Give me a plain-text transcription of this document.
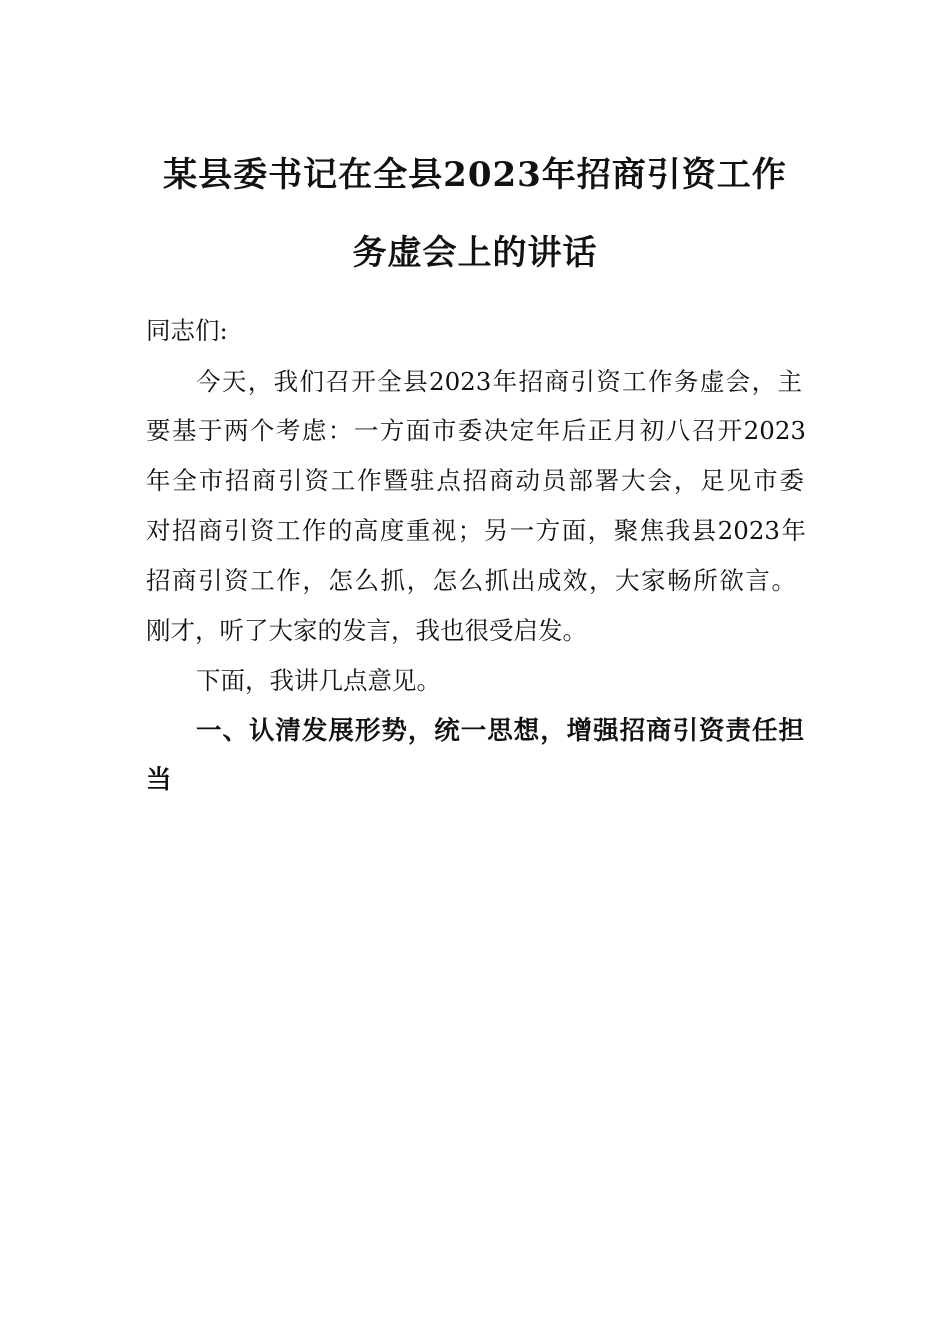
某县委书记在全县2023年招商引资工作
务虚会上的讲话
同志们:
今天，我们召开全县2023年招商引资工作务虚会，主
要基于两个考虑：一方面市委决定年后正月初八召开2023
年全市招商引资工作暨驻点招商动员部署大会，足见市委
对招商引资工作的高度重视；另一方面，聚焦我县2023年
招商引资工作，怎么抓，怎么抓出成效，大家畅所欲言。
刚才，听了大家的发言，我也很受启发。
下面，我讲几点意见。
一、认清发展形势，统一思想，增强招商引资责任担
当
